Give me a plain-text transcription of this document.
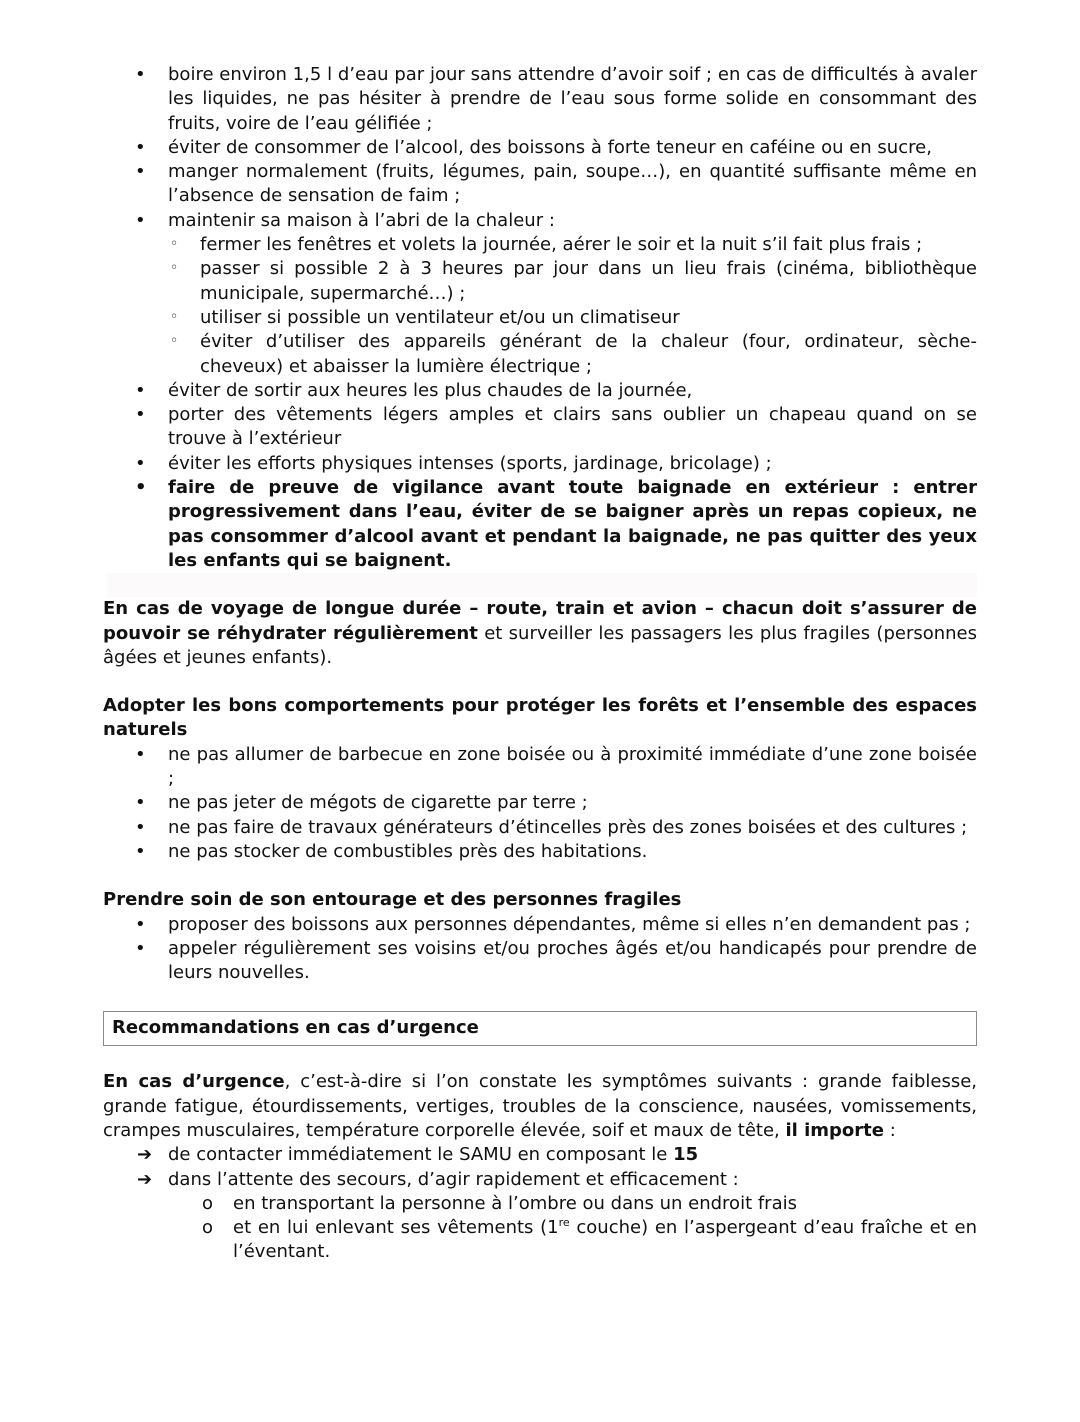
• boire environ 1,5 l d’eau par jour sans attendre d’avoir soif ; en cas de difficultés à avaler les liquides, ne pas hésiter à prendre de l’eau sous forme solide en consommant des fruits, voire de l’eau gélifiée ;
• éviter de consommer de l’alcool, des boissons à forte teneur en caféine ou en sucre,
• manger normalement (fruits, légumes, pain, soupe…), en quantité suffisante même en l’absence de sensation de faim ;
• maintenir sa maison à l’abri de la chaleur :
◦ fermer les fenêtres et volets la journée, aérer le soir et la nuit s’il fait plus frais ;
◦ passer si possible 2 à 3 heures par jour dans un lieu frais (cinéma, bibliothèque municipale, supermarché…) ;
◦ utiliser si possible un ventilateur et/ou un climatiseur
◦ éviter d’utiliser des appareils générant de la chaleur (four, ordinateur, sèche-cheveux) et abaisser la lumière électrique ;
• éviter de sortir aux heures les plus chaudes de la journée,
• porter des vêtements légers amples et clairs sans oublier un chapeau quand on se trouve à l’extérieur
• éviter les efforts physiques intenses (sports, jardinage, bricolage) ;
• faire de preuve de vigilance avant toute baignade en extérieur : entrer progressivement dans l’eau, éviter de se baigner après un repas copieux, ne pas consommer d’alcool avant et pendant la baignade, ne pas quitter des yeux les enfants qui se baignent.

En cas de voyage de longue durée – route, train et avion – chacun doit s’assurer de pouvoir se réhydrater régulièrement et surveiller les passagers les plus fragiles (personnes âgées et jeunes enfants).

Adopter les bons comportements pour protéger les forêts et l’ensemble des espaces naturels

• ne pas allumer de barbecue en zone boisée ou à proximité immédiate d’une zone boisée ;
• ne pas jeter de mégots de cigarette par terre ;
• ne pas faire de travaux générateurs d’étincelles près des zones boisées et des cultures ;
• ne pas stocker de combustibles près des habitations.

Prendre soin de son entourage et des personnes fragiles

• proposer des boissons aux personnes dépendantes, même si elles n’en demandent pas ;
• appeler régulièrement ses voisins et/ou proches âgés et/ou handicapés pour prendre de leurs nouvelles.
Recommandations en cas d’urgence

En cas d’urgence, c’est-à-dire si l’on constate les symptômes suivants : grande faiblesse, grande fatigue, étourdissements, vertiges, troubles de la conscience, nausées, vomissements, crampes musculaires, température corporelle élevée, soif et maux de tête, il importe :

➔ de contacter immédiatement le SAMU en composant le 15
➔ dans l’attente des secours, d’agir rapidement et efficacement :
o en transportant la personne à l’ombre ou dans un endroit frais
o et en lui enlevant ses vêtements (1re couche) en l’aspergeant d’eau fraîche et en l’éventant.
